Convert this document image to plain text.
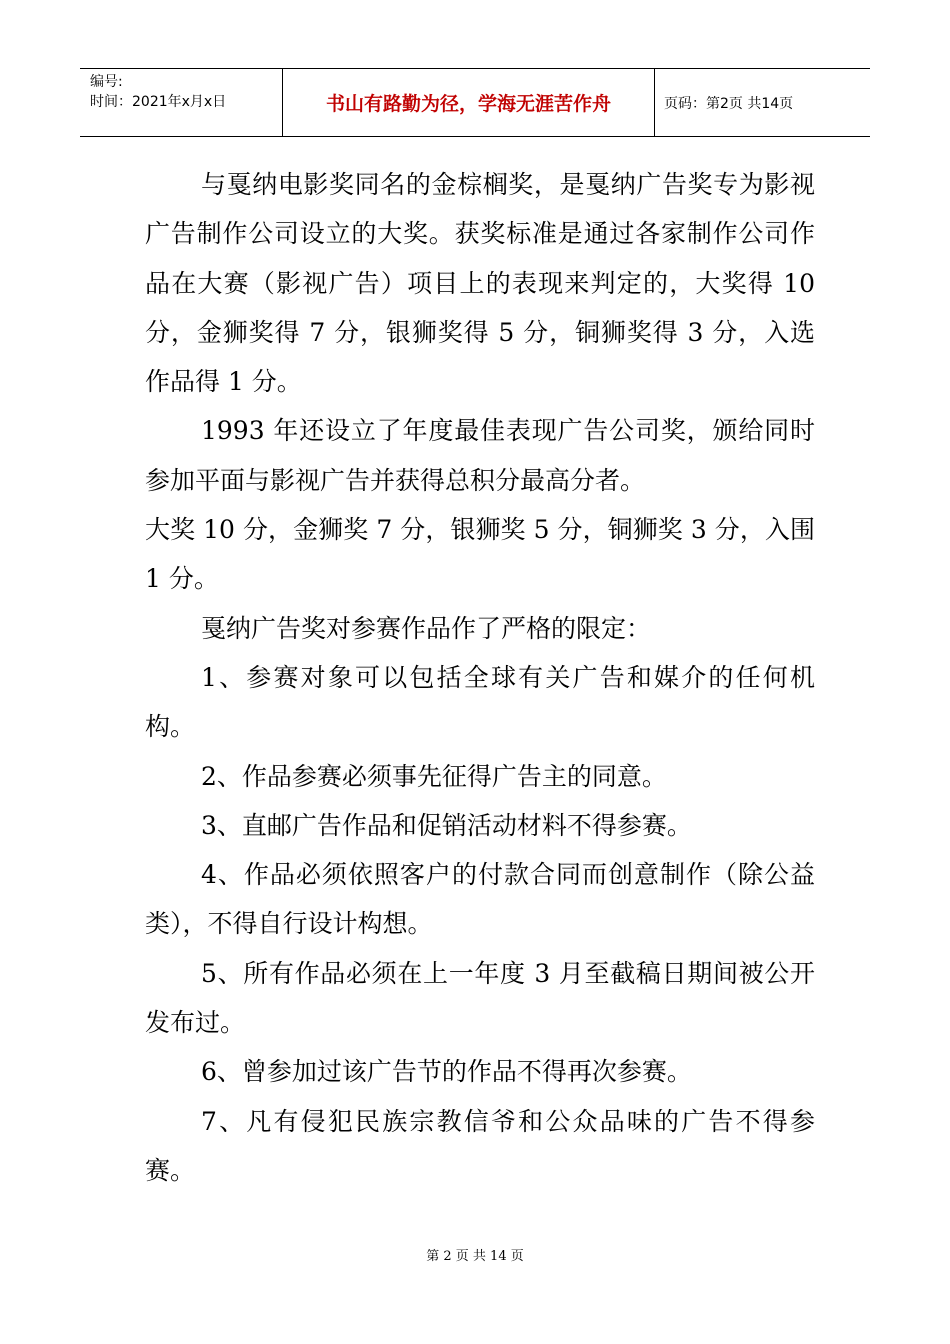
编号:
时间：2021年x月x日	书山有路勤为径，学海无涯苦作舟	页码：第2页 共14页

与戛纳电影奖同名的金棕榈奖，是戛纳广告奖专为影视广告制作公司设立的大奖。获奖标准是通过各家制作公司作品在大赛（影视广告）项目上的表现来判定的，大奖得 10 分，金狮奖得 7 分，银狮奖得 5 分，铜狮奖得 3 分，入选作品得 1 分。

1993 年还设立了年度最佳表现广告公司奖，颁给同时参加平面与影视广告并获得总积分最高分者。

大奖 10 分，金狮奖 7 分，银狮奖 5 分，铜狮奖 3 分，入围 1 分。

戛纳广告奖对参赛作品作了严格的限定：

1、参赛对象可以包括全球有关广告和媒介的任何机构。

2、作品参赛必须事先征得广告主的同意。

3、直邮广告作品和促销活动材料不得参赛。

4、作品必须依照客户的付款合同而创意制作（除公益类），不得自行设计构想。

5、所有作品必须在上一年度 3 月至截稿日期间被公开发布过。

6、曾参加过该广告节的作品不得再次参赛。

7、凡有侵犯民族宗教信爷和公众品味的广告不得参赛。

第 2 页 共 14 页
